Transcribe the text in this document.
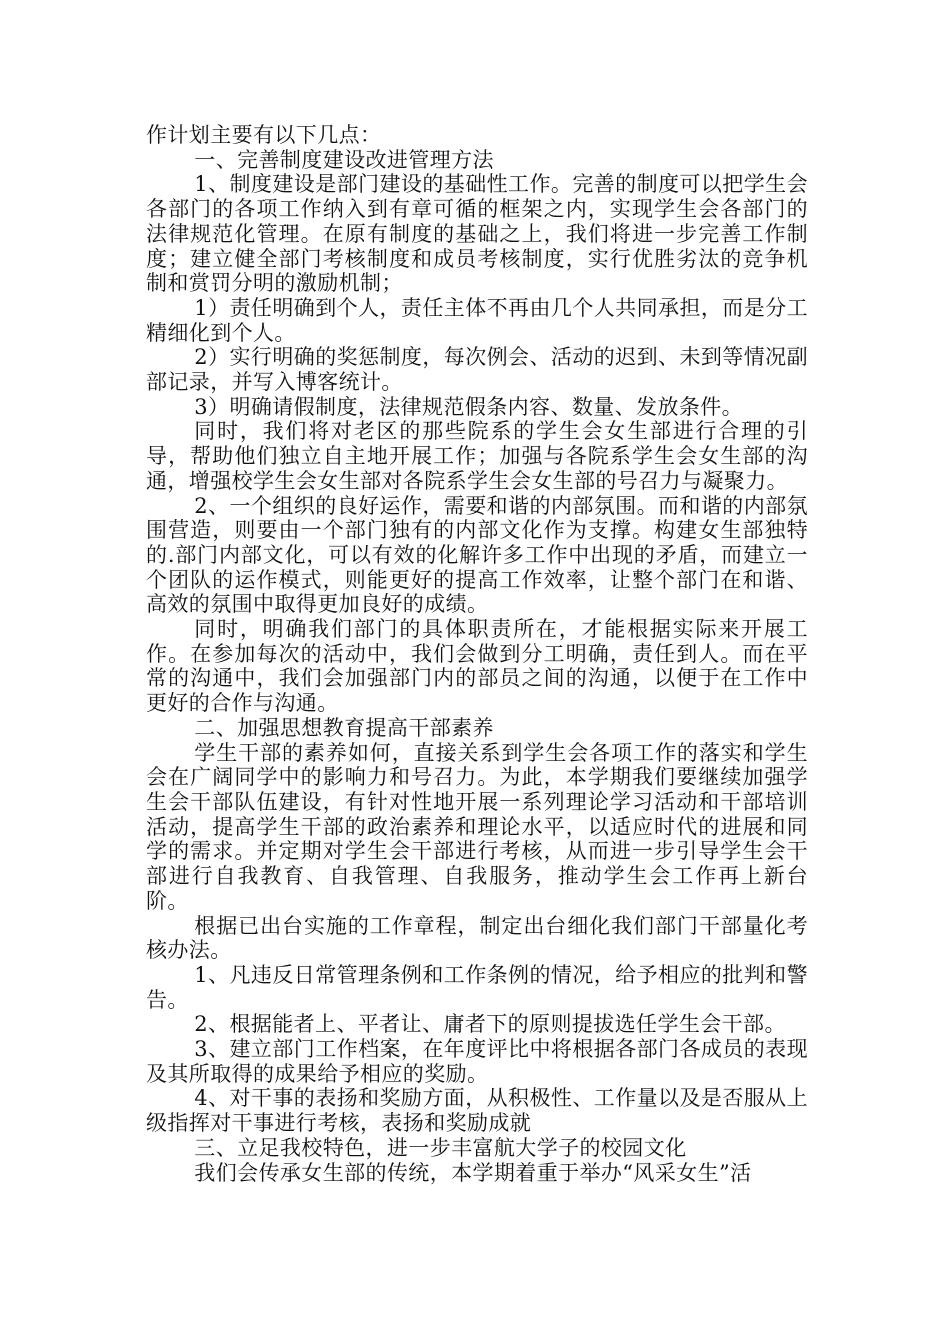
作计划主要有以下几点：

一、完善制度建设改进管理方法

1、制度建设是部门建设的基础性工作。完善的制度可以把学生会各部门的各项工作纳入到有章可循的框架之内，实现学生会各部门的法律规范化管理。在原有制度的基础之上，我们将进一步完善工作制度；建立健全部门考核制度和成员考核制度，实行优胜劣汰的竞争机制和赏罚分明的激励机制；

1）责任明确到个人，责任主体不再由几个人共同承担，而是分工精细化到个人。

2）实行明确的奖惩制度，每次例会、活动的迟到、未到等情况副部记录，并写入博客统计。

3）明确请假制度，法律规范假条内容、数量、发放条件。

同时，我们将对老区的那些院系的学生会女生部进行合理的引导，帮助他们独立自主地开展工作；加强与各院系学生会女生部的沟通，增强校学生会女生部对各院系学生会女生部的号召力与凝聚力。

2、一个组织的良好运作，需要和谐的内部氛围。而和谐的内部氛围营造，则要由一个部门独有的内部文化作为支撑。构建女生部独特的.部门内部文化，可以有效的化解许多工作中出现的矛盾，而建立一个团队的运作模式，则能更好的提高工作效率，让整个部门在和谐、高效的氛围中取得更加良好的成绩。

同时，明确我们部门的具体职责所在，才能根据实际来开展工作。在参加每次的活动中，我们会做到分工明确，责任到人。而在平常的沟通中，我们会加强部门内的部员之间的沟通，以便于在工作中更好的合作与沟通。

二、加强思想教育提高干部素养

学生干部的素养如何，直接关系到学生会各项工作的落实和学生会在广阔同学中的影响力和号召力。为此，本学期我们要继续加强学生会干部队伍建设，有针对性地开展一系列理论学习活动和干部培训活动，提高学生干部的政治素养和理论水平，以适应时代的进展和同学的需求。并定期对学生会干部进行考核，从而进一步引导学生会干部进行自我教育、自我管理、自我服务，推动学生会工作再上新台阶。

根据已出台实施的工作章程，制定出台细化我们部门干部量化考核办法。

1、凡违反日常管理条例和工作条例的情况，给予相应的批判和警告。

2、根据能者上、平者让、庸者下的原则提拔选任学生会干部。

3、建立部门工作档案，在年度评比中将根据各部门各成员的表现及其所取得的成果给予相应的奖励。

4、对干事的表扬和奖励方面，从积极性、工作量以及是否服从上级指挥对干事进行考核，表扬和奖励成就

三、立足我校特色，进一步丰富航大学子的校园文化

我们会传承女生部的传统，本学期着重于举办“风采女生”活
